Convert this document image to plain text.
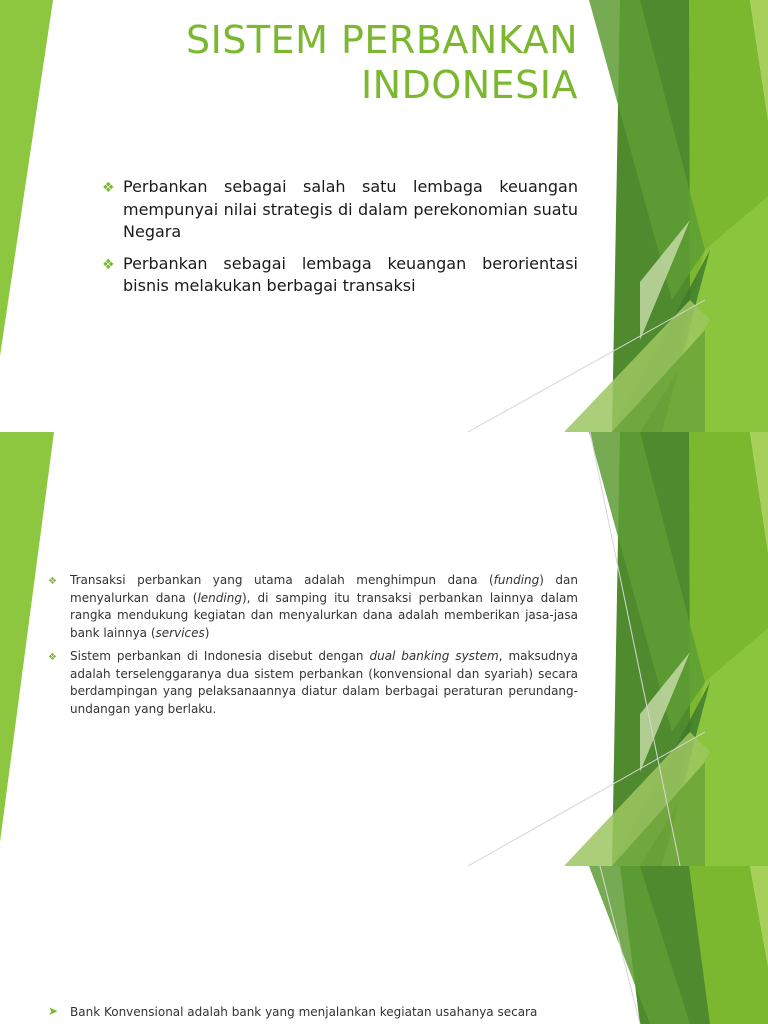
SISTEM PERBANKAN
INDONESIA
❖ Perbankan sebagai salah satu lembaga keuangan mempunyai nilai strategis di dalam perekonomian suatu Negara
❖ Perbankan sebagai lembaga keuangan berorientasi bisnis melakukan berbagai transaksi
❖ Transaksi perbankan yang utama adalah menghimpun dana (funding) dan menyalurkan dana (lending), di samping itu transaksi perbankan lainnya dalam rangka mendukung kegiatan dan menyalurkan dana adalah memberikan jasa-jasa bank lainnya (services)
❖ Sistem perbankan di Indonesia disebut dengan dual banking system, maksudnya adalah terselenggaranya dua sistem perbankan (konvensional dan syariah) secara berdampingan yang pelaksanaannya diatur dalam berbagai peraturan perundang-undangan yang berlaku.
➤ Bank Konvensional adalah bank yang menjalankan kegiatan usahanya secara
